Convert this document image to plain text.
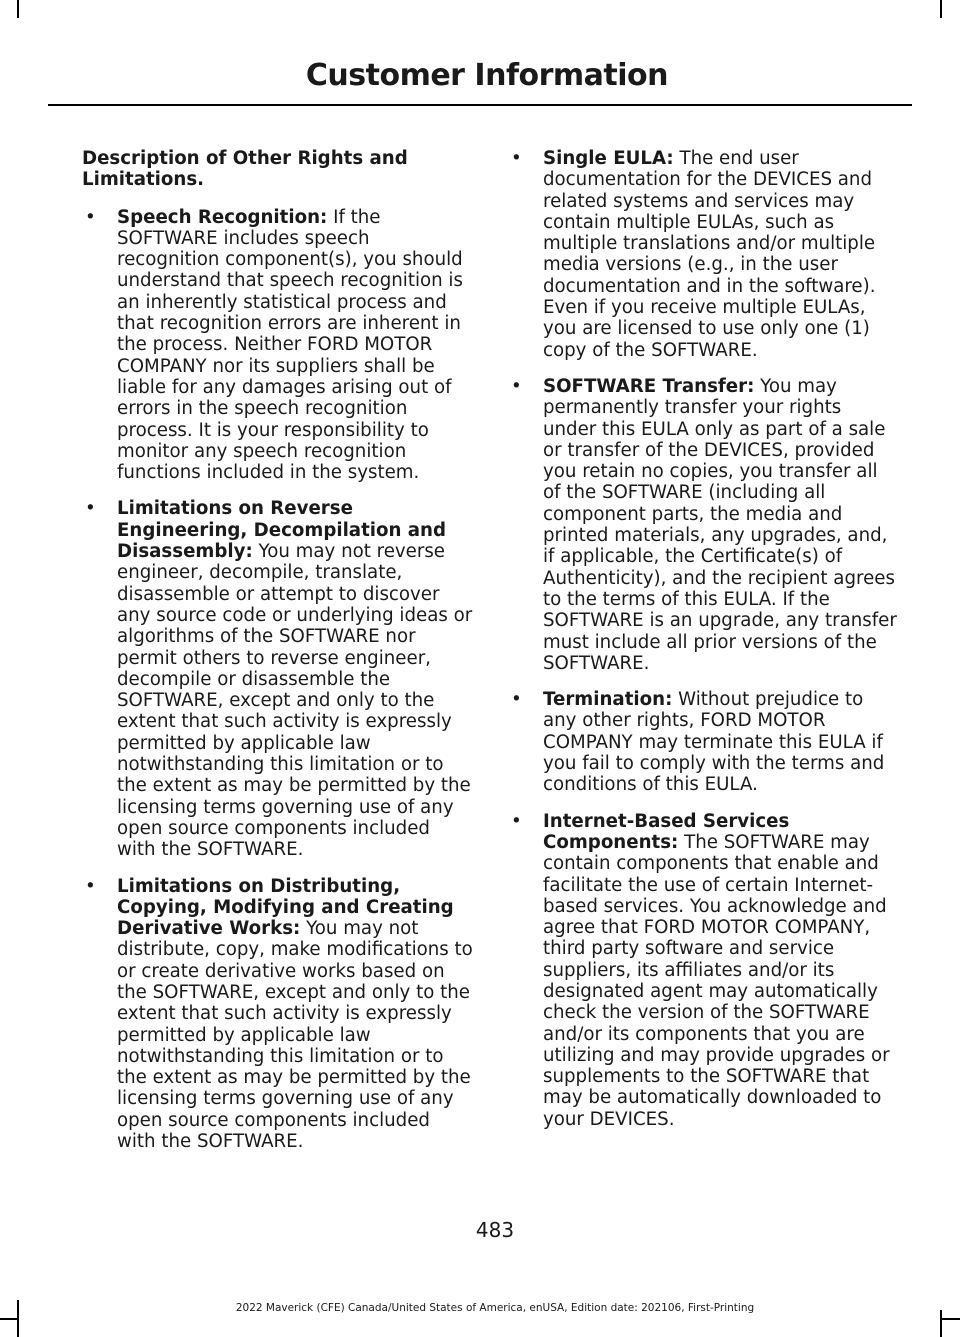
Customer Information
Description of Other Rights and Limitations.
• Speech Recognition: If the SOFTWARE includes speech recognition component(s), you should understand that speech recognition is an inherently statistical process and that recognition errors are inherent in the process. Neither FORD MOTOR COMPANY nor its suppliers shall be liable for any damages arising out of errors in the speech recognition process. It is your responsibility to monitor any speech recognition functions included in the system.
• Limitations on Reverse Engineering, Decompilation and Disassembly: You may not reverse engineer, decompile, translate, disassemble or attempt to discover any source code or underlying ideas or algorithms of the SOFTWARE nor permit others to reverse engineer, decompile or disassemble the SOFTWARE, except and only to the extent that such activity is expressly permitted by applicable law notwithstanding this limitation or to the extent as may be permitted by the licensing terms governing use of any open source components included with the SOFTWARE.
• Limitations on Distributing, Copying, Modifying and Creating Derivative Works: You may not distribute, copy, make modifications to or create derivative works based on the SOFTWARE, except and only to the extent that such activity is expressly permitted by applicable law notwithstanding this limitation or to the extent as may be permitted by the licensing terms governing use of any open source components included with the SOFTWARE.
• Single EULA: The end user documentation for the DEVICES and related systems and services may contain multiple EULAs, such as multiple translations and/or multiple media versions (e.g., in the user documentation and in the software). Even if you receive multiple EULAs, you are licensed to use only one (1) copy of the SOFTWARE.
• SOFTWARE Transfer: You may permanently transfer your rights under this EULA only as part of a sale or transfer of the DEVICES, provided you retain no copies, you transfer all of the SOFTWARE (including all component parts, the media and printed materials, any upgrades, and, if applicable, the Certificate(s) of Authenticity), and the recipient agrees to the terms of this EULA. If the SOFTWARE is an upgrade, any transfer must include all prior versions of the SOFTWARE.
• Termination: Without prejudice to any other rights, FORD MOTOR COMPANY may terminate this EULA if you fail to comply with the terms and conditions of this EULA.
• Internet-Based Services Components: The SOFTWARE may contain components that enable and facilitate the use of certain Internet-based services. You acknowledge and agree that FORD MOTOR COMPANY, third party software and service suppliers, its affiliates and/or its designated agent may automatically check the version of the SOFTWARE and/or its components that you are utilizing and may provide upgrades or supplements to the SOFTWARE that may be automatically downloaded to your DEVICES.
483
2022 Maverick (CFE) Canada/United States of America, enUSA, Edition date: 202106, First-Printing
